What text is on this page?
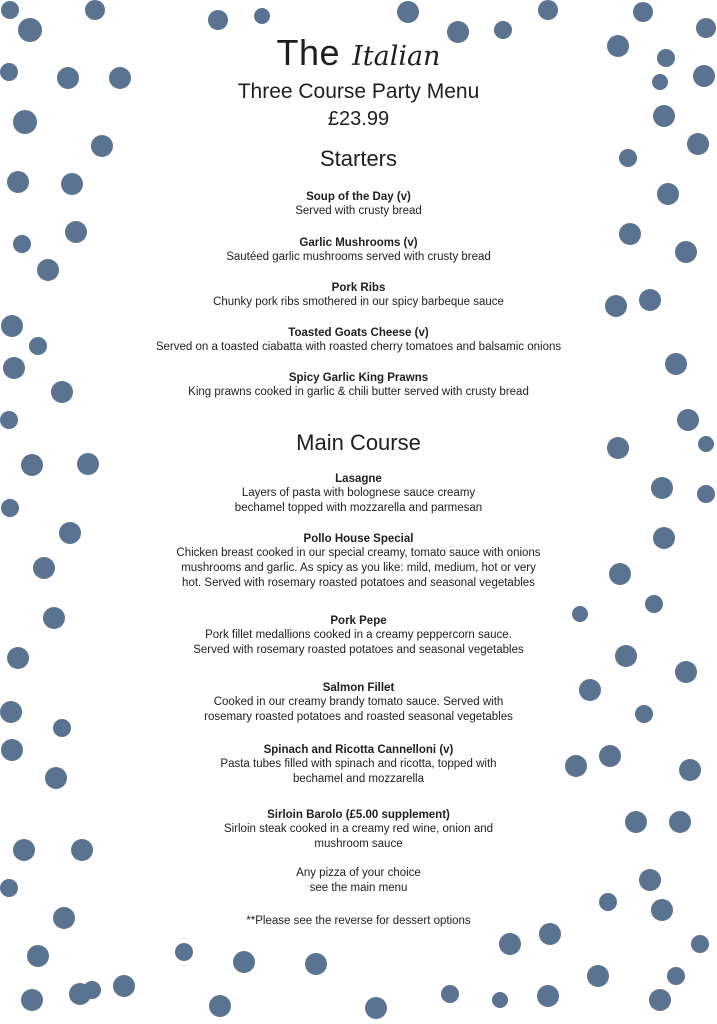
The Italian
Three Course Party Menu
£23.99
Starters
Soup of the Day (v)
Served with crusty bread
Garlic Mushrooms (v)
Sautéed garlic mushrooms served with crusty bread
Pork Ribs
Chunky pork ribs smothered in our spicy barbeque sauce
Toasted Goats Cheese (v)
Served on a toasted ciabatta with roasted cherry tomatoes and balsamic onions
Spicy Garlic King Prawns
King prawns cooked in garlic & chili butter served with crusty bread
Main Course
Lasagne
Layers of pasta with bolognese sauce creamy
bechamel topped with mozzarella and parmesan
Pollo House Special
Chicken breast cooked in our special creamy, tomato sauce with onions
mushrooms and garlic. As spicy as you like: mild, medium, hot or very
hot. Served with rosemary roasted potatoes and seasonal vegetables
Pork Pepe
Pork fillet medallions cooked in a creamy peppercorn sauce.
Served with rosemary roasted potatoes and seasonal vegetables
Salmon Fillet
Cooked in our creamy brandy tomato sauce. Served with
rosemary roasted potatoes and roasted seasonal vegetables
Spinach and Ricotta Cannelloni (v)
Pasta tubes filled with spinach and ricotta, topped with
bechamel and mozzarella
Sirloin Barolo (£5.00 supplement)
Sirloin steak cooked in a creamy red wine, onion and
mushroom sauce
Any pizza of your choice
see the main menu
**Please see the reverse for dessert options
